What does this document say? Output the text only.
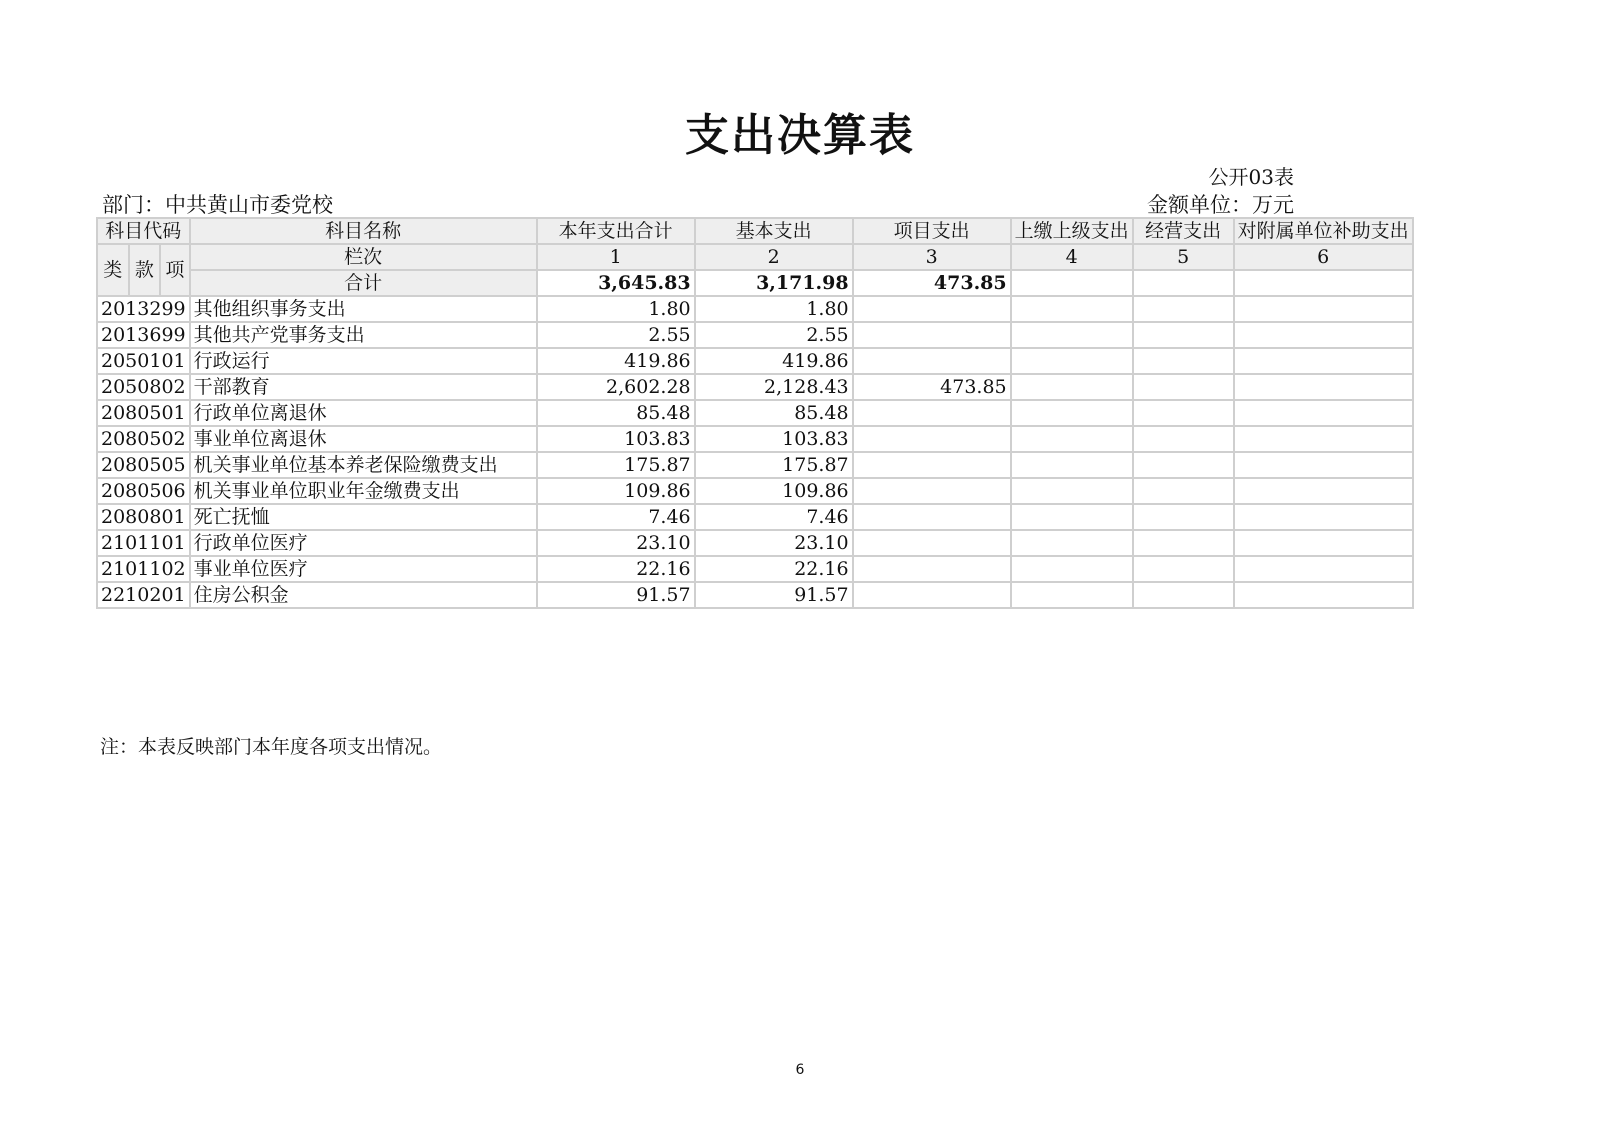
支出决算表
公开03表
部门：中共黄山市委党校	金额单位：万元
科目代码			科目名称	本年支出合计	基本支出	项目支出	上缴上级支出	经营支出	对附属单位补助支出
类	款	项	栏次	1	2	3	4	5	6
			合计	3,645.83	3,171.98	473.85			
2013299			其他组织事务支出	1.80	1.80				
2013699			其他共产党事务支出	2.55	2.55				
2050101			行政运行	419.86	419.86				
2050802			干部教育	2,602.28	2,128.43	473.85			
2080501			行政单位离退休	85.48	85.48				
2080502			事业单位离退休	103.83	103.83				
2080505			机关事业单位基本养老保险缴费支出	175.87	175.87				
2080506			机关事业单位职业年金缴费支出	109.86	109.86				
2080801			死亡抚恤	7.46	7.46				
2101101			行政单位医疗	23.10	23.10				
2101102			事业单位医疗	22.16	22.16				
2210201			住房公积金	91.57	91.57				
注：本表反映部门本年度各项支出情况。
6
